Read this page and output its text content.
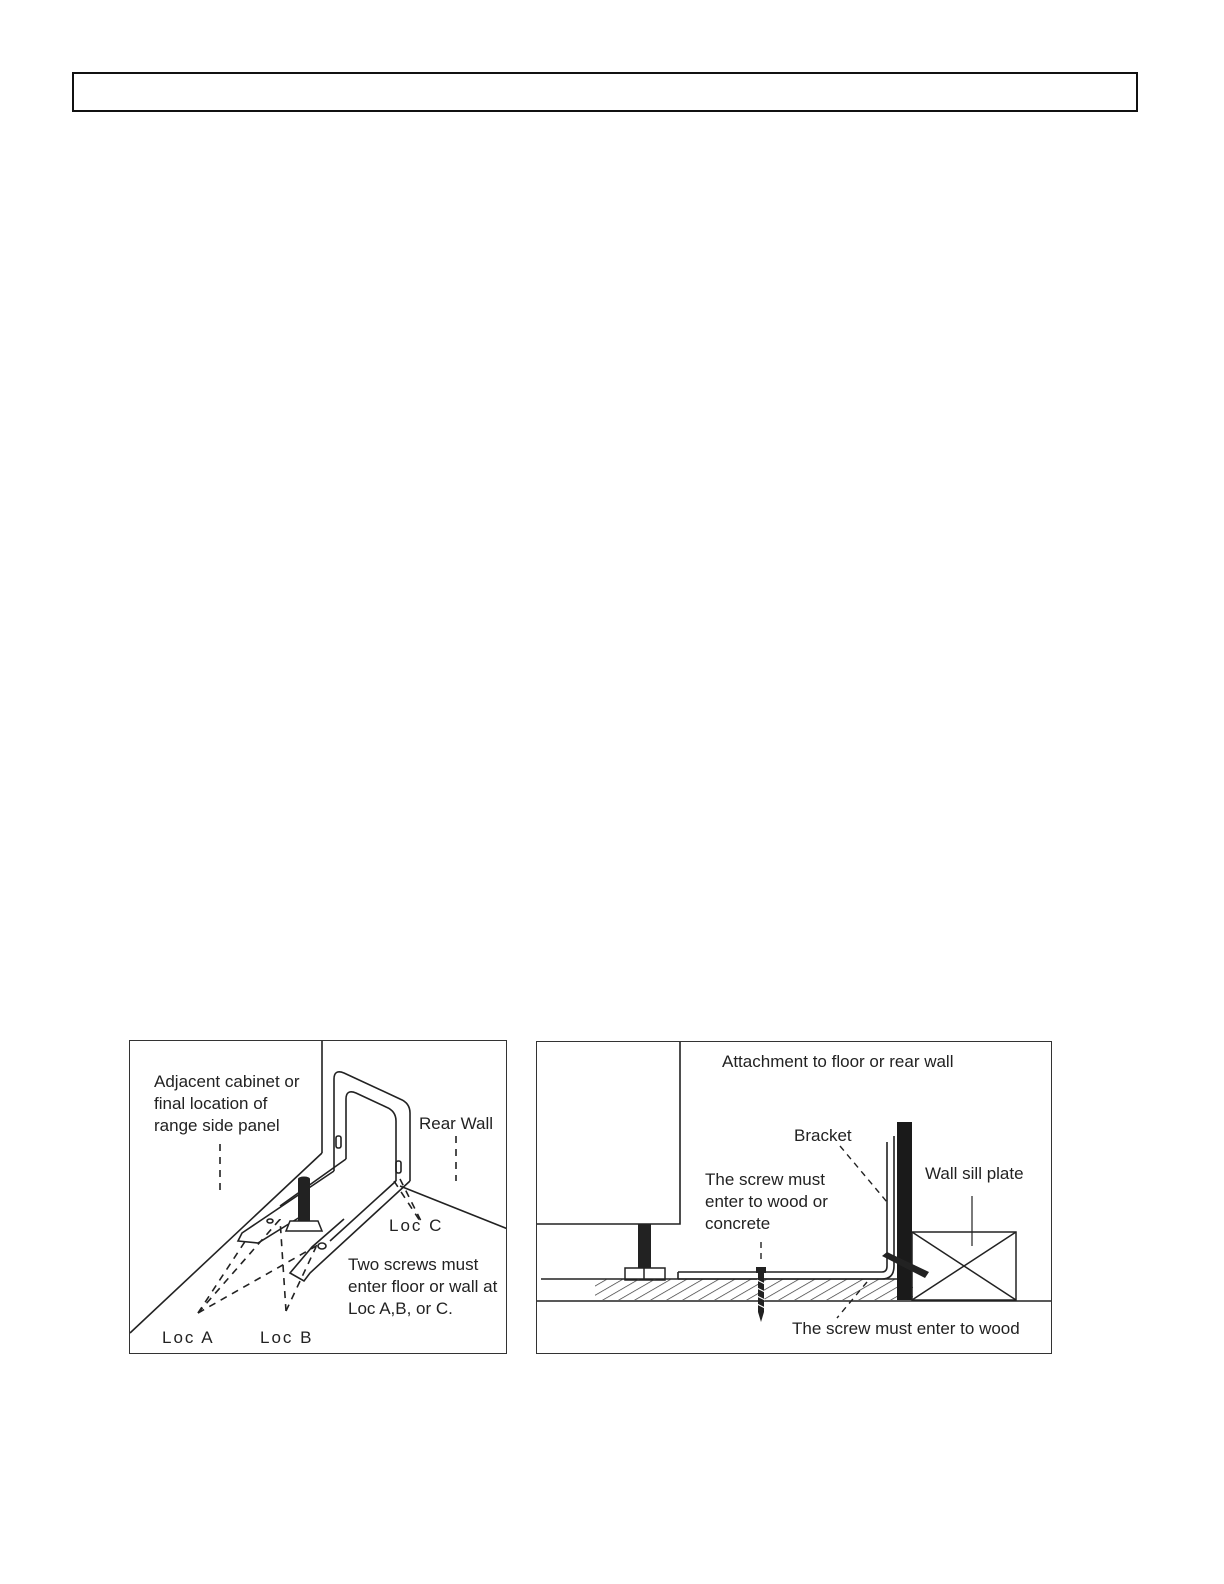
Adjacent cabinet or final location of range side panel	Rear Wall
Loc C
Two screws must enter floor or wall at Loc A,B, or C.
Loc A	Loc B
Attachment to floor or rear wall
Bracket
Wall sill plate
The screw must enter to wood or concrete
The screw must enter to wood
